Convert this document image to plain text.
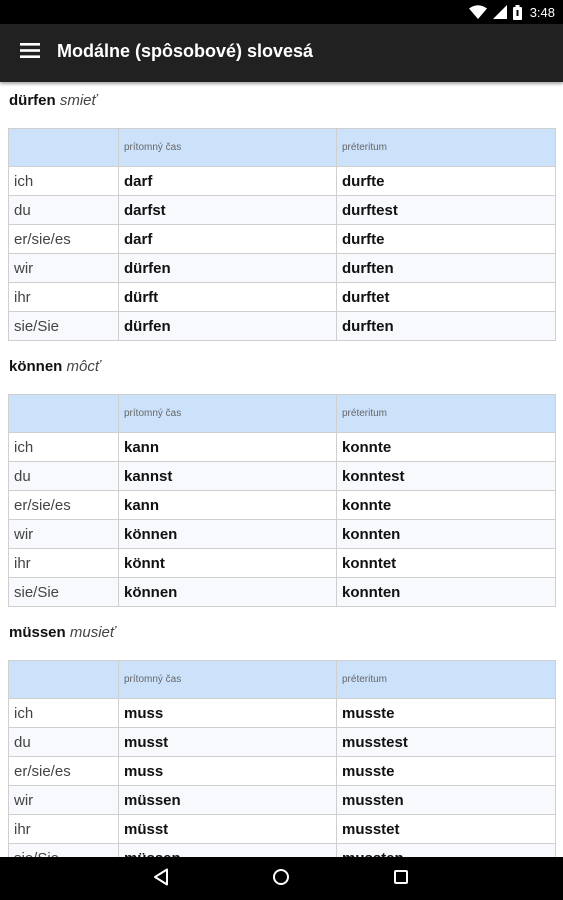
3:48
Modálne (spôsobové) slovesá
dürfen smieť
	prítomný čas	préteritum
ich	darf	durfte
du	darfst	durftest
er/sie/es	darf	durfte
wir	dürfen	durften
ihr	dürft	durftet
sie/Sie	dürfen	durften
können môcť
	prítomný čas	préteritum
ich	kann	konnte
du	kannst	konntest
er/sie/es	kann	konnte
wir	können	konnten
ihr	könnt	konntet
sie/Sie	können	konnten
müssen musieť
	prítomný čas	préteritum
ich	muss	musste
du	musst	musstest
er/sie/es	muss	musste
wir	müssen	mussten
ihr	müsst	musstet
